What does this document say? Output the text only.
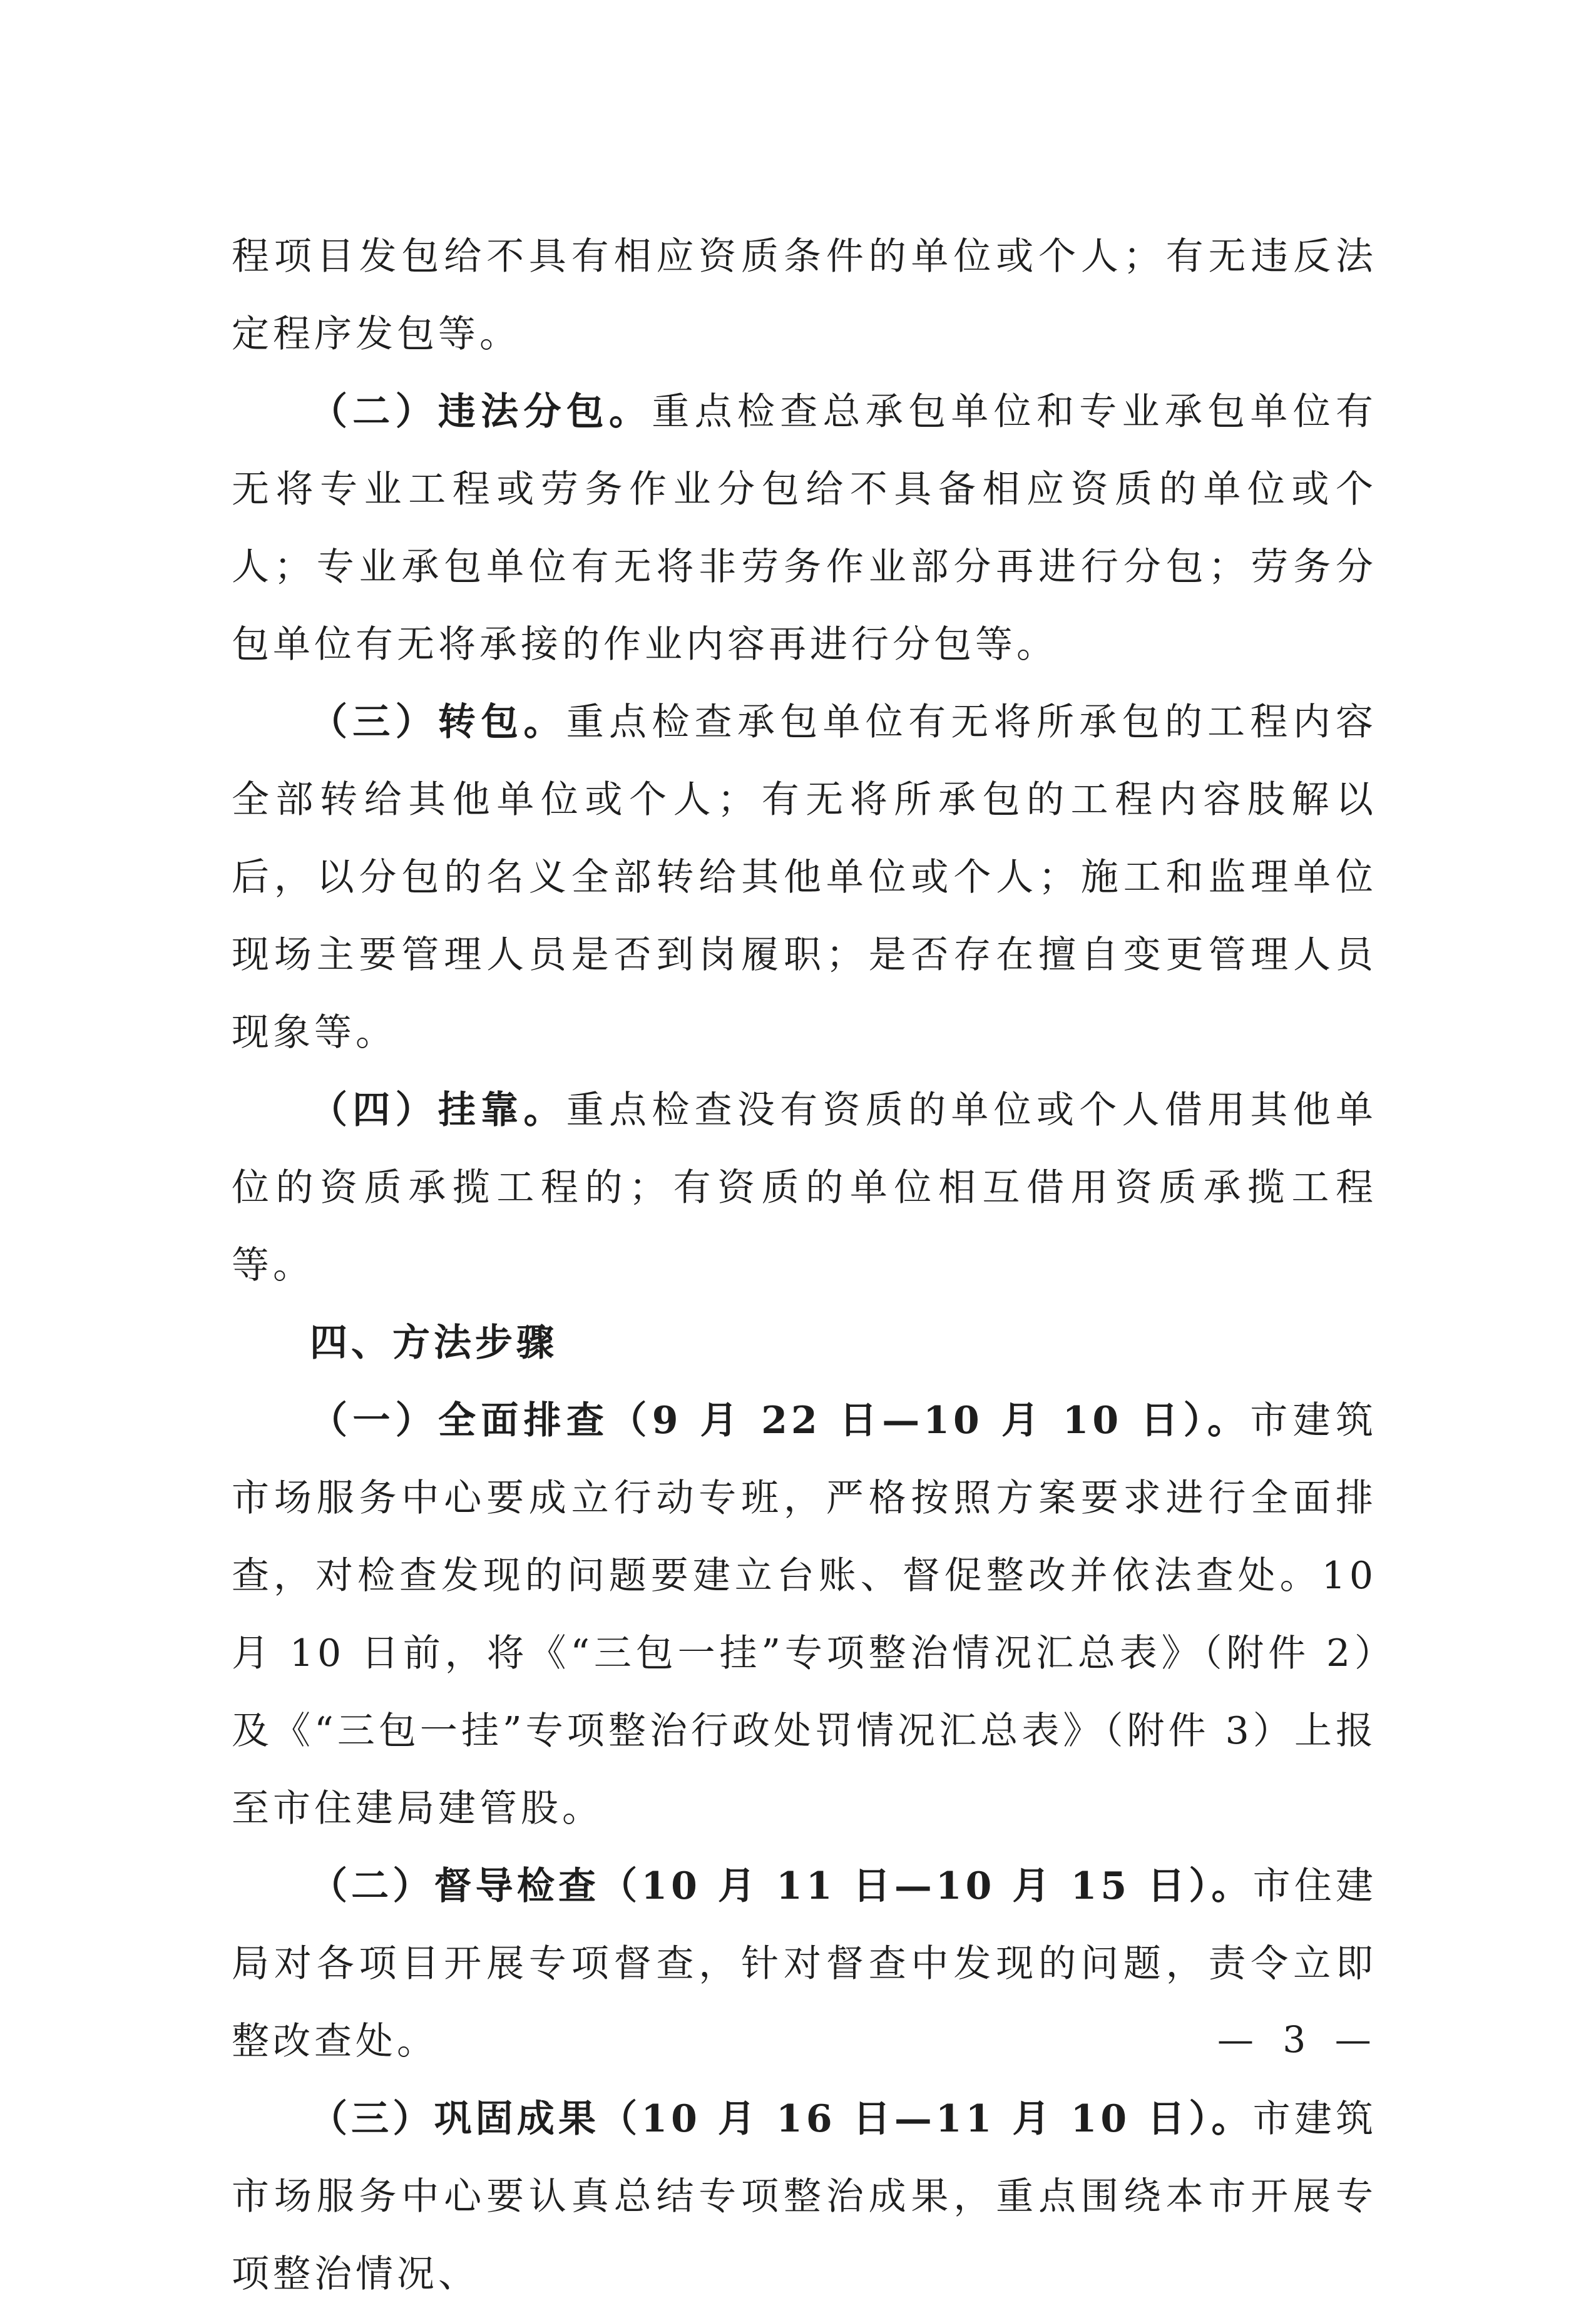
程项目发包给不具有相应资质条件的单位或个人；有无违反法定程序发包等。

（二）违法分包。重点检查总承包单位和专业承包单位有无将专业工程或劳务作业分包给不具备相应资质的单位或个人；专业承包单位有无将非劳务作业部分再进行分包；劳务分包单位有无将承接的作业内容再进行分包等。

（三）转包。重点检查承包单位有无将所承包的工程内容全部转给其他单位或个人；有无将所承包的工程内容肢解以后，以分包的名义全部转给其他单位或个人；施工和监理单位现场主要管理人员是否到岗履职；是否存在擅自变更管理人员现象等。

（四）挂靠。重点检查没有资质的单位或个人借用其他单位的资质承揽工程的；有资质的单位相互借用资质承揽工程等。

四、方法步骤

（一）全面排查（9 月 22 日—10 月 10 日）。市建筑市场服务中心要成立行动专班，严格按照方案要求进行全面排查，对检查发现的问题要建立台账、督促整改并依法查处。10 月 10 日前，将《“三包一挂”专项整治情况汇总表》（附件 2）及《“三包一挂”专项整治行政处罚情况汇总表》（附件 3）上报至市住建局建管股。

（二）督导检查（10 月 11 日—10 月 15 日）。市住建局对各项目开展专项督查，针对督查中发现的问题，责令立即整改查处。

（三）巩固成果（10 月 16 日—11 月 10 日）。市建筑市场服务中心要认真总结专项整治成果，重点围绕本市开展专项整治情况、

— 3 —
